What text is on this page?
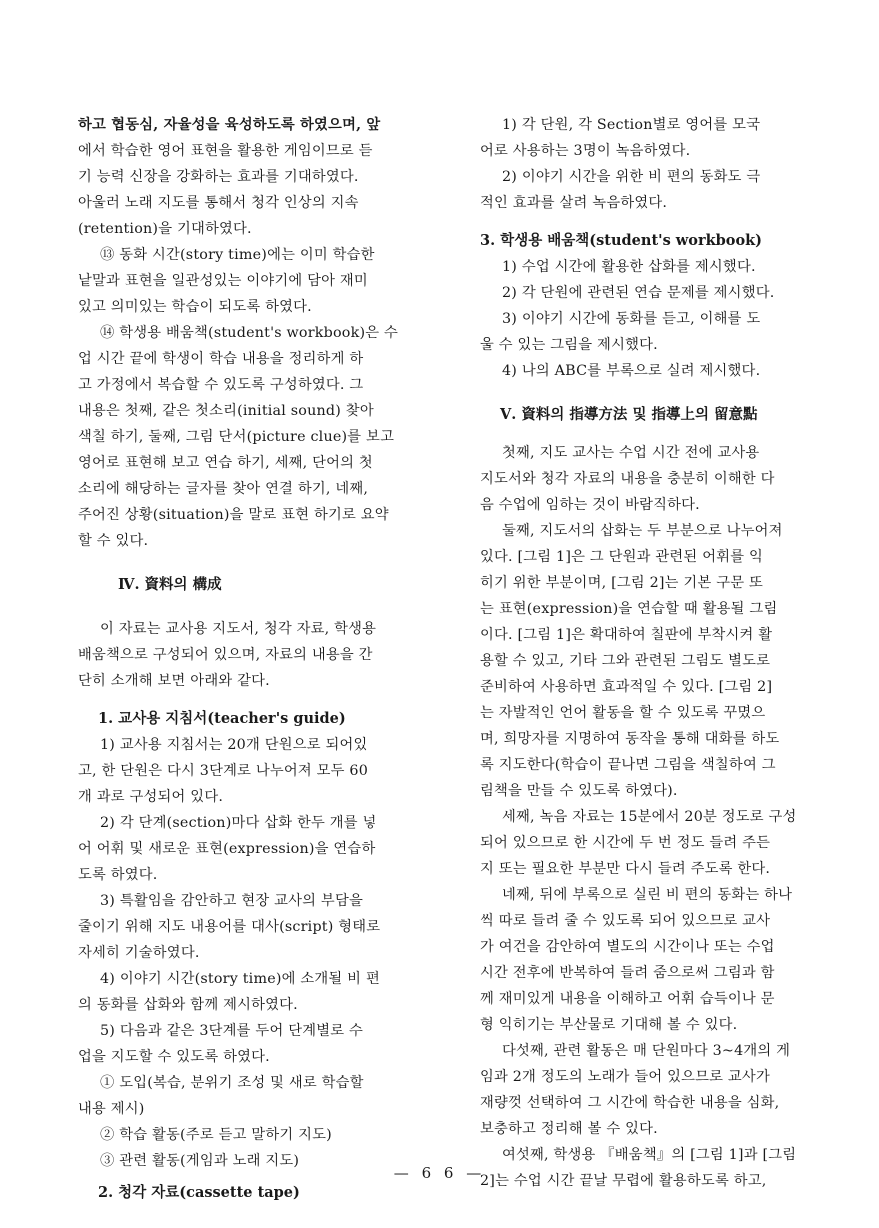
하고 협동심, 자율성을 육성하도록 하였으며, 앞
에서 학습한 영어 표현을 활용한 게임이므로 듣
기 능력 신장을 강화하는 효과를 기대하였다.
아울러 노래 지도를 통해서 청각 인상의 지속
(retention)을 기대하였다.
⑬ 동화 시간(story time)에는 이미 학습한
낱말과 표현을 일관성있는 이야기에 담아 재미
있고 의미있는 학습이 되도록 하였다.
⑭ 학생용 배움책(student's workbook)은 수
업 시간 끝에 학생이 학습 내용을 정리하게 하
고 가정에서 복습할 수 있도록 구성하였다. 그
내용은 첫째, 같은 첫소리(initial sound) 찾아
색칠 하기, 둘째, 그림 단서(picture clue)를 보고
영어로 표현해 보고 연습 하기, 세째, 단어의 첫
소리에 해당하는 글자를 찾아 연결 하기, 네째,
주어진 상황(situation)을 말로 표현 하기로 요약
할 수 있다.
Ⅳ. 資料의 構成
이 자료는 교사용 지도서, 청각 자료, 학생용
배움책으로 구성되어 있으며, 자료의 내용을 간
단히 소개해 보면 아래와 같다.
1. 교사용 지침서(teacher's guide)
1) 교사용 지침서는 20개 단원으로 되어있
고, 한 단원은 다시 3단계로 나누어져 모두 60
개 과로 구성되어 있다.
2) 각 단계(section)마다 삽화 한두 개를 넣
어 어휘 및 새로운 표현(expression)을 연습하
도록 하였다.
3) 특활임을 감안하고 현장 교사의 부담을
줄이기 위해 지도 내용어를 대사(script) 형태로
자세히 기술하였다.
4) 이야기 시간(story time)에 소개될 비 편
의 동화를 삽화와 함께 제시하였다.
5) 다음과 같은 3단계를 두어 단계별로 수
업을 지도할 수 있도록 하였다.
① 도입(복습, 분위기 조성 및 새로 학습할
내용 제시)
② 학습 활동(주로 듣고 말하기 지도)
③ 관련 활동(게임과 노래 지도)
2. 청각 자료(cassette tape)
1) 각 단원, 각 Section별로 영어를 모국
어로 사용하는 3명이 녹음하였다.
2) 이야기 시간을 위한 비 편의 동화도 극
적인 효과를 살려 녹음하였다.
3. 학생용 배움책(student's workbook)
1) 수업 시간에 활용한 삽화를 제시했다.
2) 각 단원에 관련된 연습 문제를 제시했다.
3) 이야기 시간에 동화를 듣고, 이해를 도
울 수 있는 그림을 제시했다.
4) 나의 ABC를 부록으로 실려 제시했다.
Ⅴ. 資料의 指導方法 및 指導上의 留意點
첫째, 지도 교사는 수업 시간 전에 교사용
지도서와 청각 자료의 내용을 충분히 이해한 다
음 수업에 임하는 것이 바람직하다.
둘째, 지도서의 삽화는 두 부분으로 나누어져
있다. [그림 1]은 그 단원과 관련된 어휘를 익
히기 위한 부분이며, [그림 2]는 기본 구문 또
는 표현(expression)을 연습할 때 활용될 그림
이다. [그림 1]은 확대하여 칠판에 부착시켜 활
용할 수 있고, 기타 그와 관련된 그림도 별도로
준비하여 사용하면 효과적일 수 있다. [그림 2]
는 자발적인 언어 활동을 할 수 있도록 꾸몄으
며, 희망자를 지명하여 동작을 통해 대화를 하도
록 지도한다(학습이 끝나면 그림을 색칠하여 그
림책을 만들 수 있도록 하였다).
세째, 녹음 자료는 15분에서 20분 정도로 구성
되어 있으므로 한 시간에 두 번 정도 들려 주든
지 또는 필요한 부분만 다시 들려 주도록 한다.
네째, 뒤에 부록으로 실린 비 편의 동화는 하나
씩 따로 들려 줄 수 있도록 되어 있으므로 교사
가 여건을 감안하여 별도의 시간이나 또는 수업
시간 전후에 반복하여 들려 줌으로써 그림과 함
께 재미있게 내용을 이해하고 어휘 습득이나 문
형 익히기는 부산물로 기대해 볼 수 있다.
다섯째, 관련 활동은 매 단원마다 3~4개의 게
임과 2개 정도의 노래가 들어 있으므로 교사가
재량껏 선택하여 그 시간에 학습한 내용을 심화,
보충하고 정리해 볼 수 있다.
여섯째, 학생용 『배움책』의 [그림 1]과 [그림
2]는 수업 시간 끝날 무렵에 활용하도록 하고,
— 6 6 —
